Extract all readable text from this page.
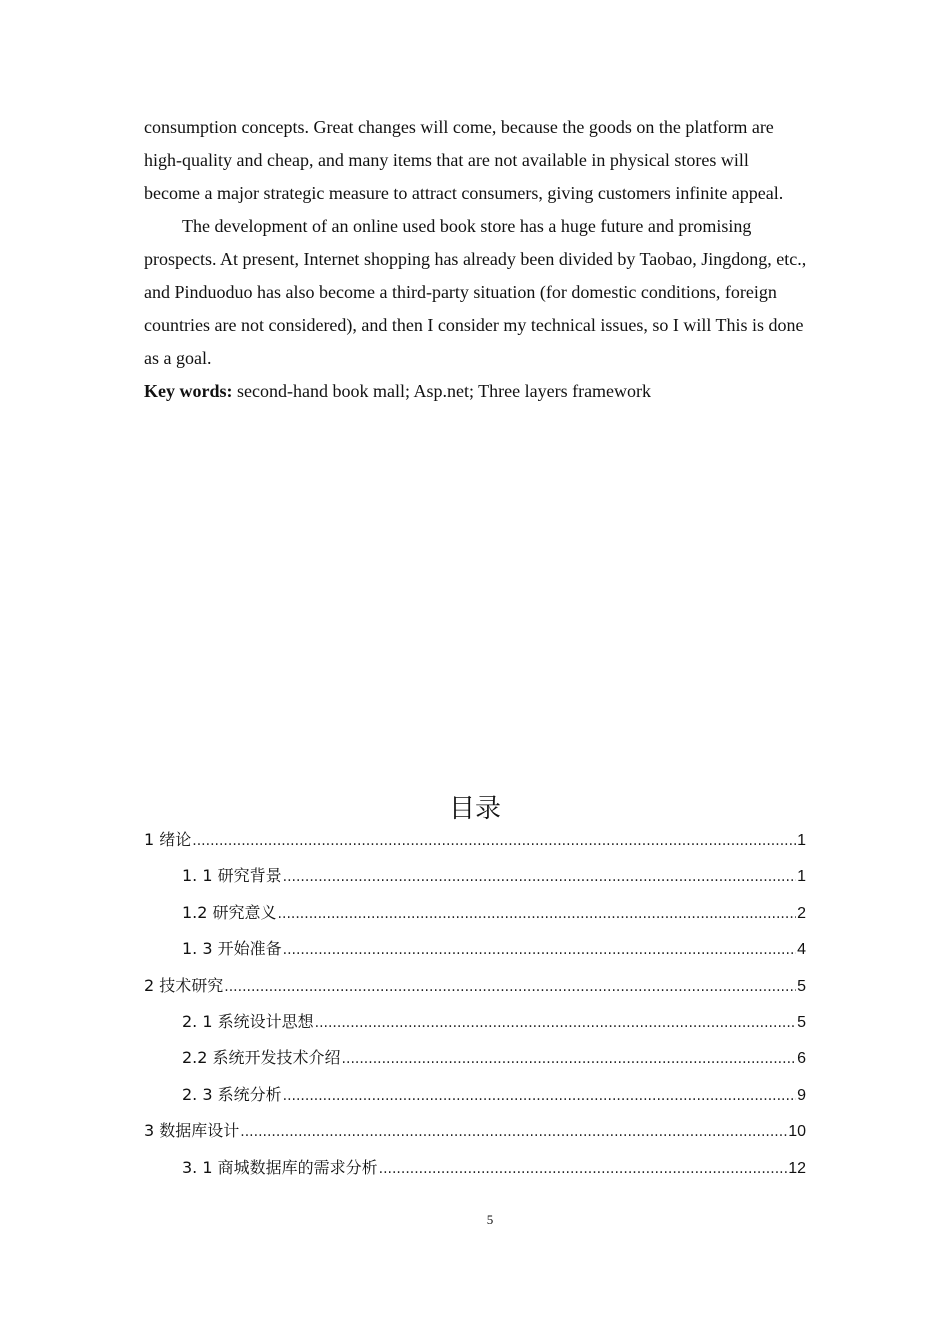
consumption concepts. Great changes will come, because the goods on the platform are high-quality and cheap, and many items that are not available in physical stores will become a major strategic measure to attract consumers, giving customers infinite appeal.

The development of an online used book store has a huge future and promising prospects. At present, Internet shopping has already been divided by Taobao, Jingdong, etc., and Pinduoduo has also become a third-party situation (for domestic conditions, foreign countries are not considered), and then I consider my technical issues, so I will This is done as a goal.

Key words: second-hand book mall; Asp.net; Three layers framework

目录
1 绪论 .....	1
1. 1 研究背景 .....	1
1.2 研究意义 .....	2
1. 3 开始准备 .....	4
2 技术研究 .....	5
2. 1 系统设计思想 .....	5
2.2 系统开发技术介绍 .....	6
2. 3 系统分析 .....	9
3 数据库设计 .....	10
3. 1 商城数据库的需求分析 .....	12
5
